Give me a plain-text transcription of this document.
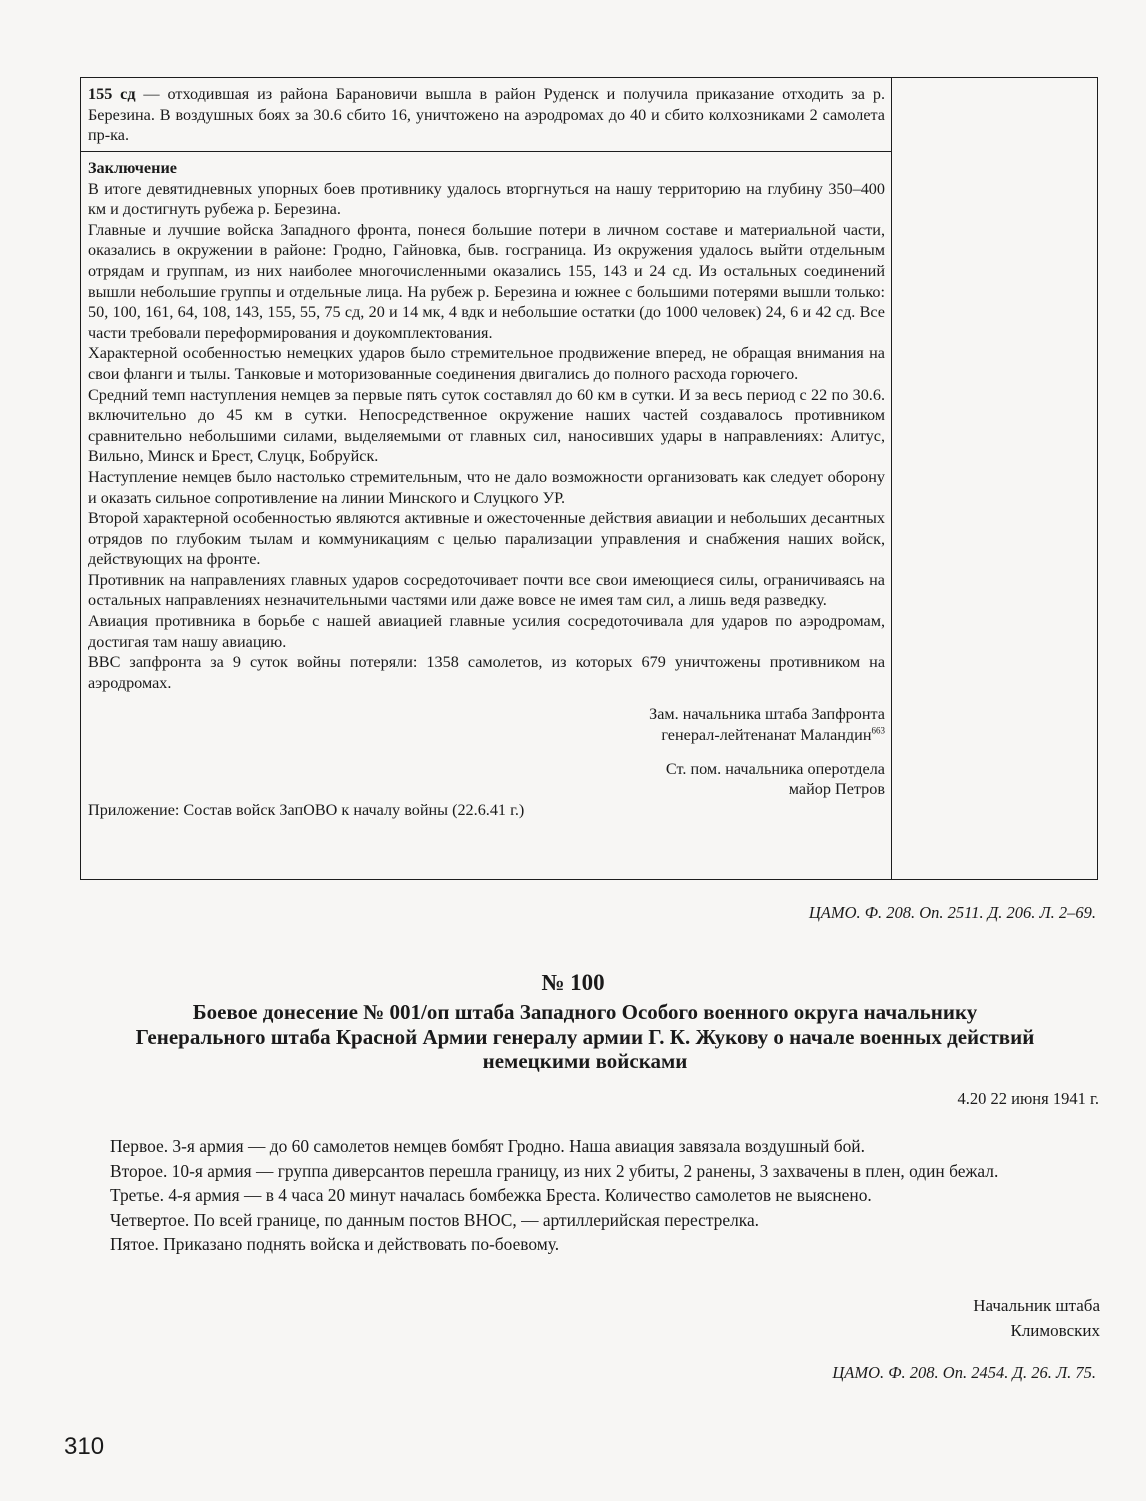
155 сд — отходившая из района Барановичи вышла в район Руденск и получила приказание отходить за р. Березина. В воздушных боях за 30.6 сбито 16, уничтожено на аэродромах до 40 и сбито колхозниками 2 самолета пр-ка.

Заключение

В итоге девятидневных упорных боев противнику удалось вторгнуться на нашу территорию на глубину 350–400 км и достигнуть рубежа р. Березина.

Главные и лучшие войска Западного фронта, понеся большие потери в личном составе и материальной части, оказались в окружении в районе: Гродно, Гайновка, быв. госграница. Из окружения удалось выйти отдельным отрядам и группам, из них наиболее многочисленными оказались 155, 143 и 24 сд. Из остальных соединений вышли небольшие группы и отдельные лица. На рубеж р. Березина и южнее с большими потерями вышли только: 50, 100, 161, 64, 108, 143, 155, 55, 75 сд, 20 и 14 мк, 4 вдк и небольшие остатки (до 1000 человек) 24, 6 и 42 сд. Все части требовали переформирования и доукомплектования.

Характерной особенностью немецких ударов было стремительное продвижение вперед, не обращая внимания на свои фланги и тылы. Танковые и моторизованные соединения двигались до полного расхода горючего.

Средний темп наступления немцев за первые пять суток составлял до 60 км в сутки. И за весь период с 22 по 30.6. включительно до 45 км в сутки. Непосредственное окружение наших частей создавалось противником сравнительно небольшими силами, выделяемыми от главных сил, наносивших удары в направлениях: Алитус, Вильно, Минск и Брест, Слуцк, Бобруйск.

Наступление немцев было настолько стремительным, что не дало возможности организовать как следует оборону и оказать сильное сопротивление на линии Минского и Слуцкого УР.

Второй характерной особенностью являются активные и ожесточенные действия авиации и небольших десантных отрядов по глубоким тылам и коммуникациям с целью парализации управления и снабжения наших войск, действующих на фронте.

Противник на направлениях главных ударов сосредоточивает почти все свои имеющиеся силы, ограничиваясь на остальных направлениях незначительными частями или даже вовсе не имея там сил, а лишь ведя разведку.

Авиация противника в борьбе с нашей авиацией главные усилия сосредоточивала для ударов по аэродромам, достигая там нашу авиацию.

ВВС запфронта за 9 суток войны потеряли: 1358 самолетов, из которых 679 уничтожены противником на аэродромах.

Зам. начальника штаба Запфронта

генерал-лейтенанат Маландин$^{663}$

Ст. пом. начальника оперотдела

майор Петров

Приложение: Состав войск ЗапОВО к началу войны (22.6.41 г.)

ЦАМО. Ф. 208. Оп. 2511. Д. 206. Л. 2–69.
№ 100
Боевое донесение № 001/оп штаба Западного Особого военного округа начальнику
Генерального штаба Красной Армии генералу армии Г. К. Жукову о начале военных действий
немецкими войсками
4.20 22 июня 1941 г.

Первое. 3-я армия — до 60 самолетов немцев бомбят Гродно. Наша авиация завязала воздушный бой.

Второе. 10-я армия — группа диверсантов перешла границу, из них 2 убиты, 2 ранены, 3 захвачены в плен, один бежал.

Третье. 4-я армия — в 4 часа 20 минут началась бомбежка Бреста. Количество самолетов не выяснено.

Четвертое. По всей границе, по данным постов ВНОС, — артиллерийская перестрелка.

Пятое. Приказано поднять войска и действовать по-боевому.

Начальник штаба
Климовских
ЦАМО. Ф. 208. Оп. 2454. Д. 26. Л. 75.
310
